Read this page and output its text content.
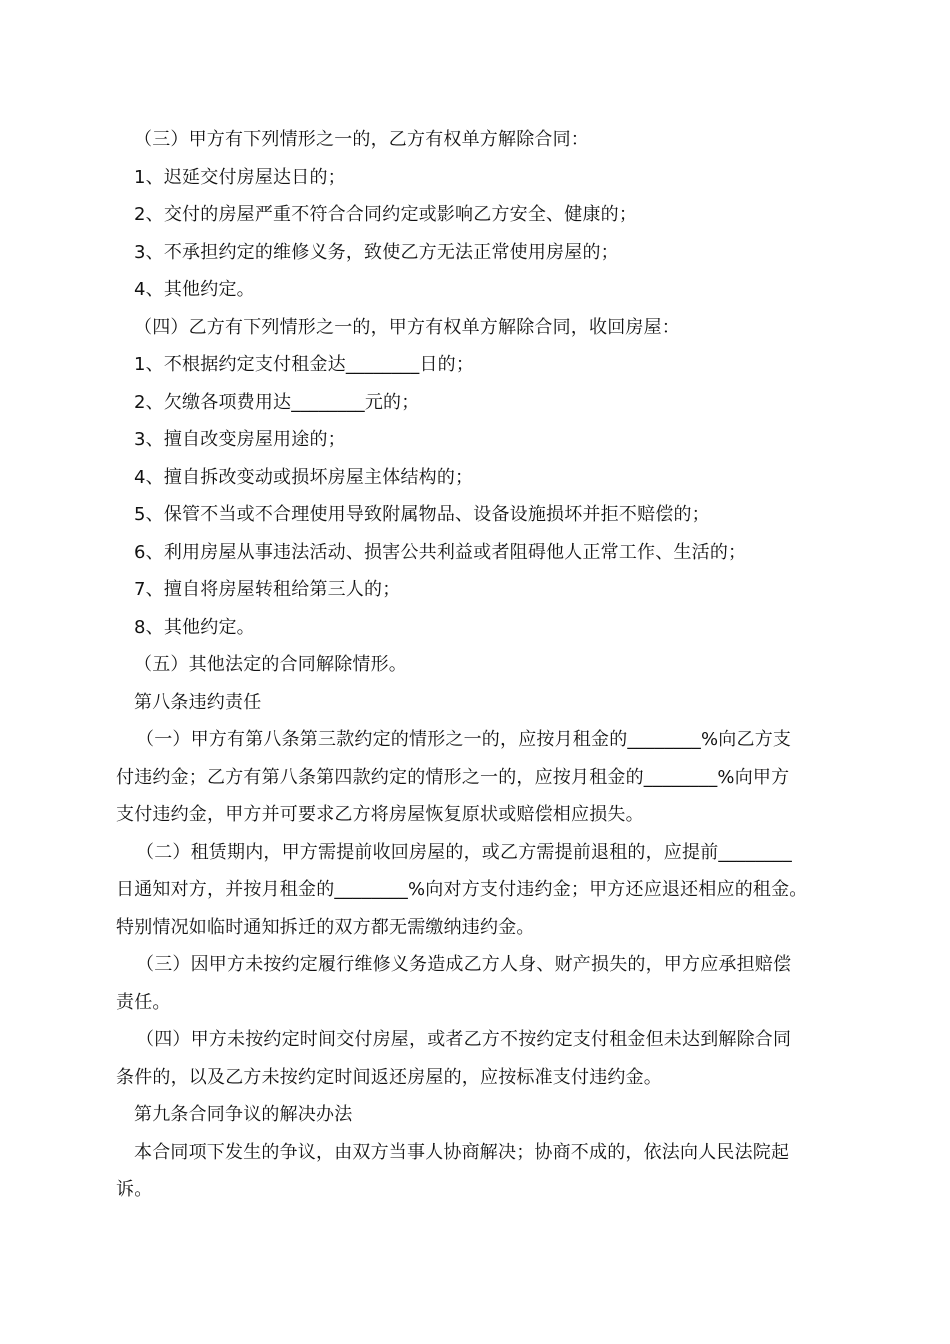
（三）甲方有下列情形之一的，乙方有权单方解除合同：

1、迟延交付房屋达日的；

2、交付的房屋严重不符合合同约定或影响乙方安全、健康的；

3、不承担约定的维修义务，致使乙方无法正常使用房屋的；

4、其他约定。

（四）乙方有下列情形之一的，甲方有权单方解除合同，收回房屋：

1、不根据约定支付租金达________日的；

2、欠缴各项费用达________元的；

3、擅自改变房屋用途的；

4、擅自拆改变动或损坏房屋主体结构的；

5、保管不当或不合理使用导致附属物品、设备设施损坏并拒不赔偿的；

6、利用房屋从事违法活动、损害公共利益或者阻碍他人正常工作、生活的；

7、擅自将房屋转租给第三人的；

8、其他约定。

（五）其他法定的合同解除情形。

第八条违约责任

（一）甲方有第八条第三款约定的情形之一的，应按月租金的________%向乙方支

付违约金；乙方有第八条第四款约定的情形之一的，应按月租金的________%向甲方

支付违约金，甲方并可要求乙方将房屋恢复原状或赔偿相应损失。

（二）租赁期内，甲方需提前收回房屋的，或乙方需提前退租的，应提前________

日通知对方，并按月租金的________%向对方支付违约金；甲方还应退还相应的租金。

特别情况如临时通知拆迁的双方都无需缴纳违约金。

（三）因甲方未按约定履行维修义务造成乙方人身、财产损失的，甲方应承担赔偿

责任。

（四）甲方未按约定时间交付房屋，或者乙方不按约定支付租金但未达到解除合同

条件的，以及乙方未按约定时间返还房屋的，应按标准支付违约金。

第九条合同争议的解决办法

本合同项下发生的争议，由双方当事人协商解决；协商不成的，依法向人民法院起

诉。
